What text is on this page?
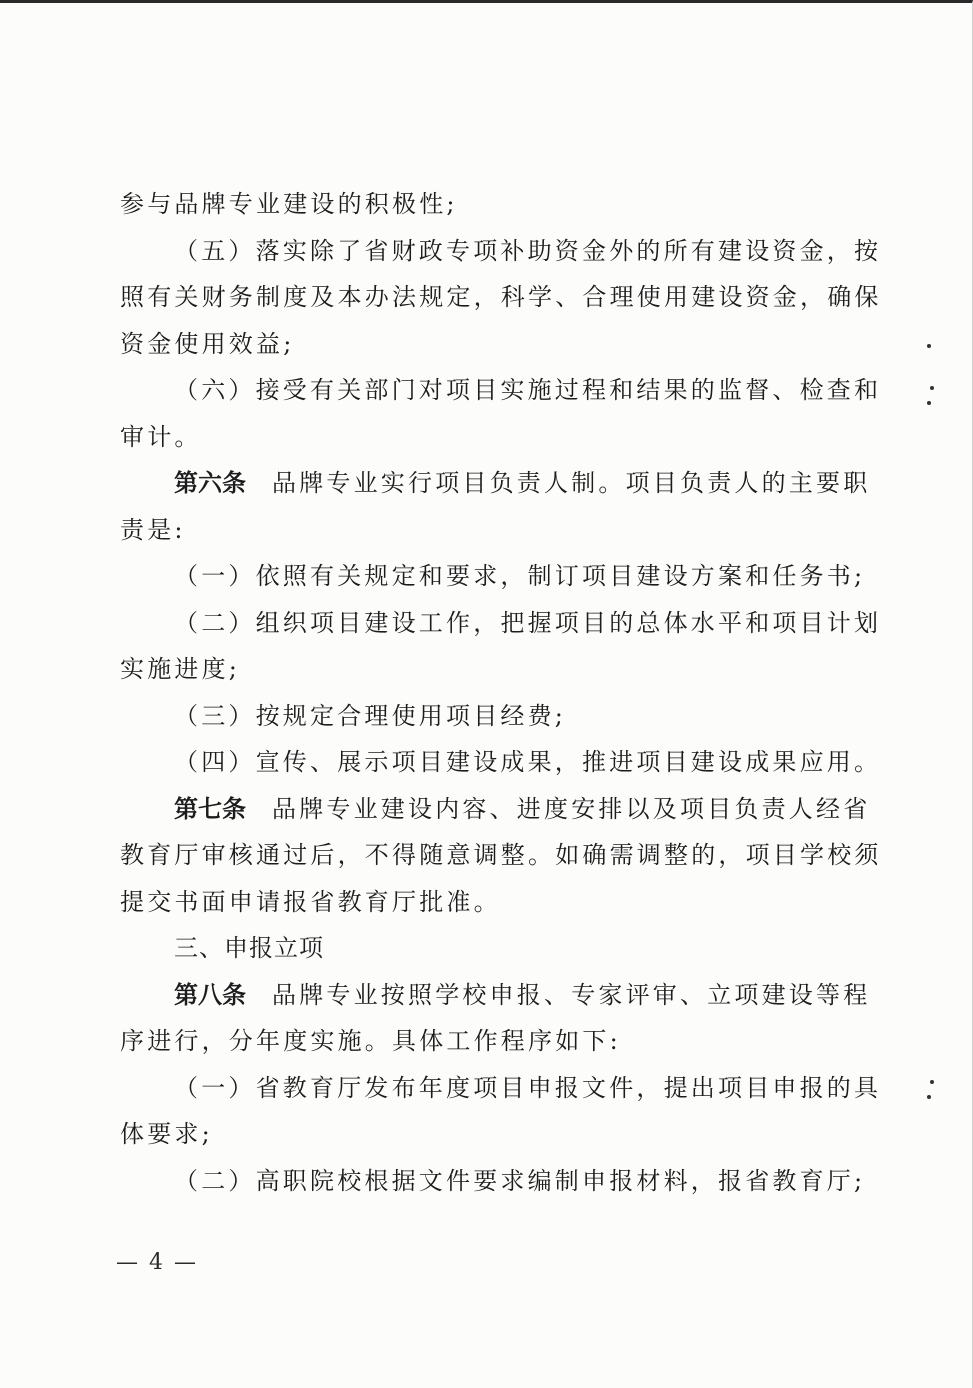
参与品牌专业建设的积极性;

（五）落实除了省财政专项补助资金外的所有建设资金，按

照有关财务制度及本办法规定，科学、合理使用建设资金，确保

资金使用效益;

（六）接受有关部门对项目实施过程和结果的监督、检查和

审计。

第六条 品牌专业实行项目负责人制。项目负责人的主要职

责是:

（一）依照有关规定和要求，制订项目建设方案和任务书;

（二）组织项目建设工作，把握项目的总体水平和项目计划

实施进度;

（三）按规定合理使用项目经费;

（四）宣传、展示项目建设成果，推进项目建设成果应用。

第七条 品牌专业建设内容、进度安排以及项目负责人经省

教育厅审核通过后，不得随意调整。如确需调整的，项目学校须

提交书面申请报省教育厅批准。

三、申报立项

第八条 品牌专业按照学校申报、专家评审、立项建设等程

序进行，分年度实施。具体工作程序如下:

（一）省教育厅发布年度项目申报文件，提出项目申报的具

体要求;

（二）高职院校根据文件要求编制申报材料，报省教育厅;

— 4 —
